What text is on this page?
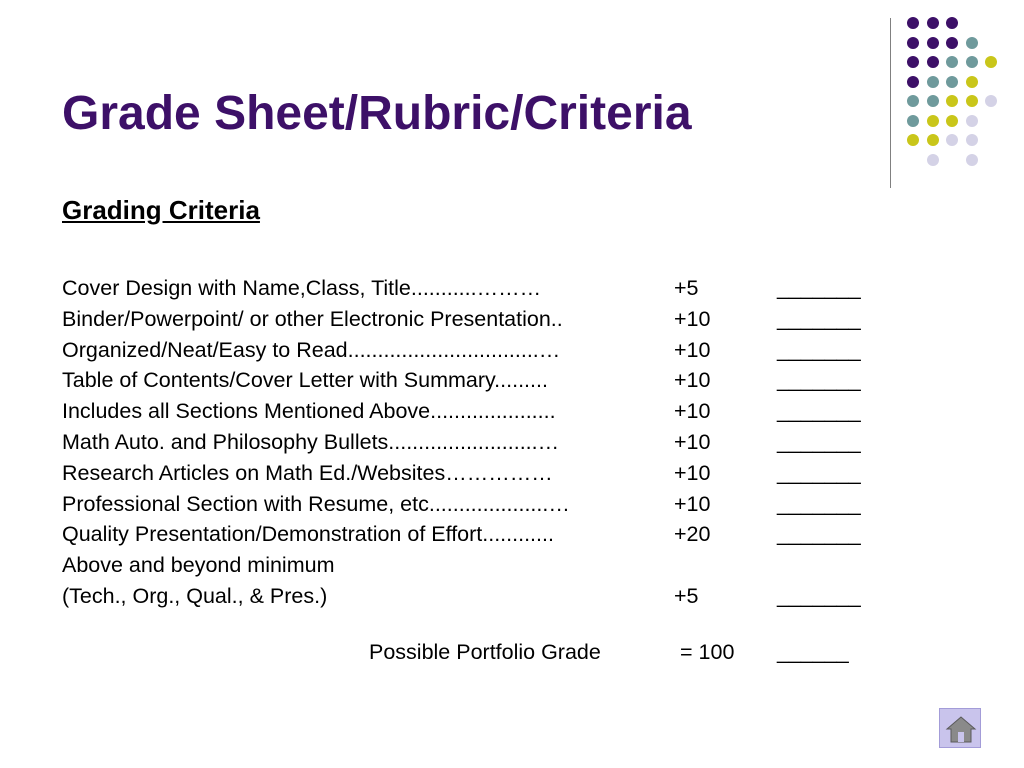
Grade Sheet/Rubric/Criteria
Grading Criteria
Cover Design with Name,Class, Title...........………	+5	_______
Binder/Powerpoint/ or other Electronic Presentation..	+10	_______
Organized/Neat/Easy to Read................................…	+10	_______
Table of Contents/Cover Letter with Summary.........	+10	_______
Includes all Sections Mentioned Above.....................	+10	_______
Math Auto. and Philosophy Bullets.........................…	+10	_______
Research Articles on Math Ed./Websites……………	+10	_______
Professional Section with Resume, etc....................…	+10	_______
Quality Presentation/Demonstration of Effort............	+20	_______
Above and beyond minimum
(Tech., Org., Qual., & Pres.)	+5	_______
Possible Portfolio Grade	= 100 ______
